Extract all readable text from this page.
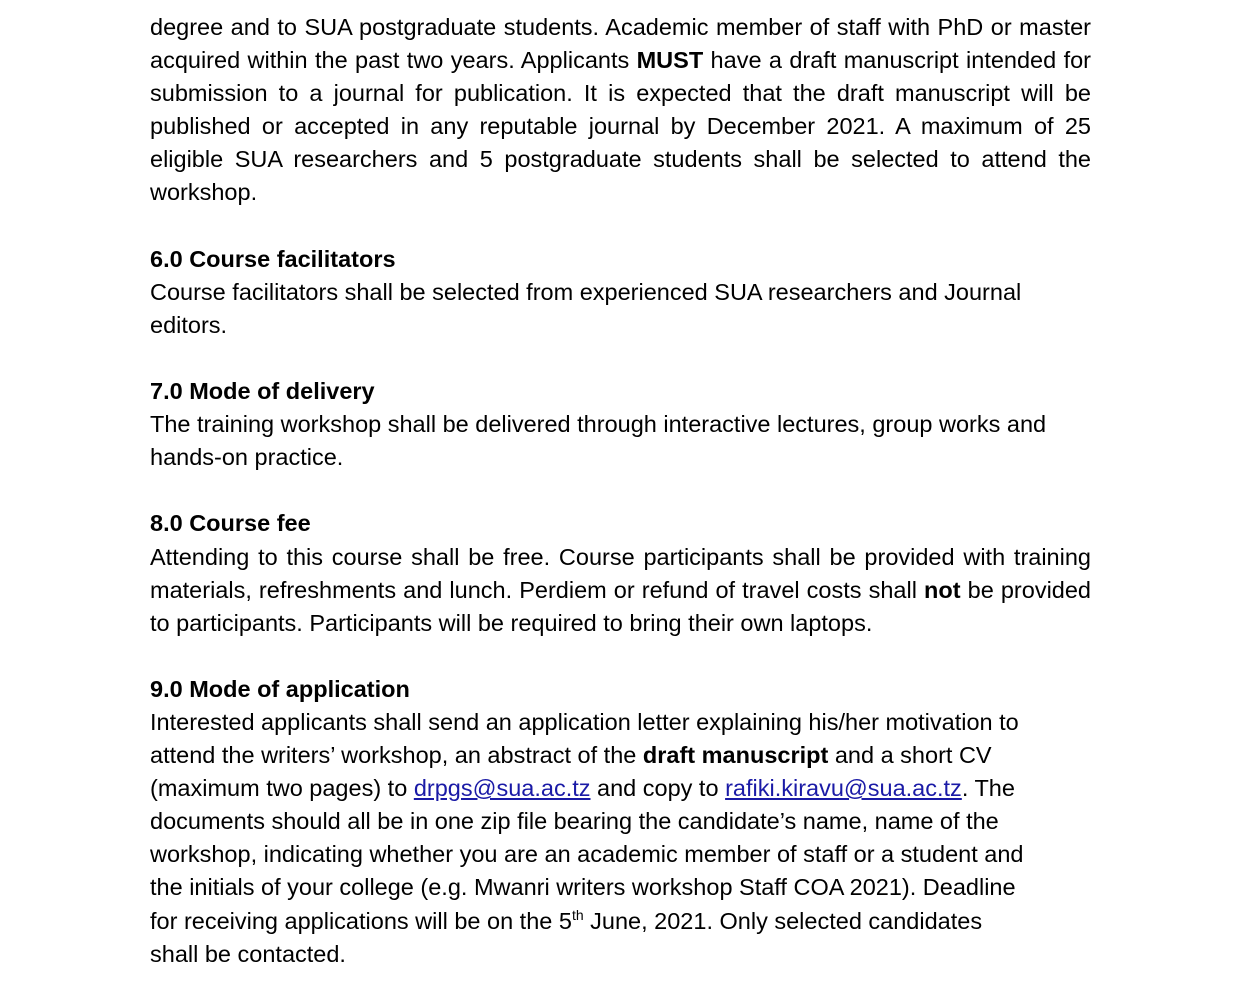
degree and to SUA postgraduate students. Academic member of staff with PhD or master acquired within the past two years. Applicants MUST have a draft manuscript intended for submission to a journal for publication. It is expected that the draft manuscript will be published or accepted in any reputable journal by December 2021. A maximum of 25 eligible SUA researchers and 5 postgraduate students shall be selected to attend the workshop.

6.0 Course facilitators

Course facilitators shall be selected from experienced SUA researchers and Journal editors.

7.0 Mode of delivery

The training workshop shall be delivered through interactive lectures, group works and hands-on practice.

8.0 Course fee

Attending to this course shall be free. Course participants shall be provided with training materials, refreshments and lunch. Perdiem or refund of travel costs shall not be provided to participants. Participants will be required to bring their own laptops.

9.0 Mode of application

Interested applicants shall send an application letter explaining his/her motivation to
attend the writers’ workshop, an abstract of the draft manuscript and a short CV
(maximum two pages) to drpgs@sua.ac.tz and copy to rafiki.kiravu@sua.ac.tz. The
documents should all be in one zip file bearing the candidate’s name, name of the
workshop, indicating whether you are an academic member of staff or a student and
the initials of your college (e.g. Mwanri writers workshop Staff COA 2021). Deadline
for receiving applications will be on the 5th June, 2021. Only selected candidates
shall be contacted.
